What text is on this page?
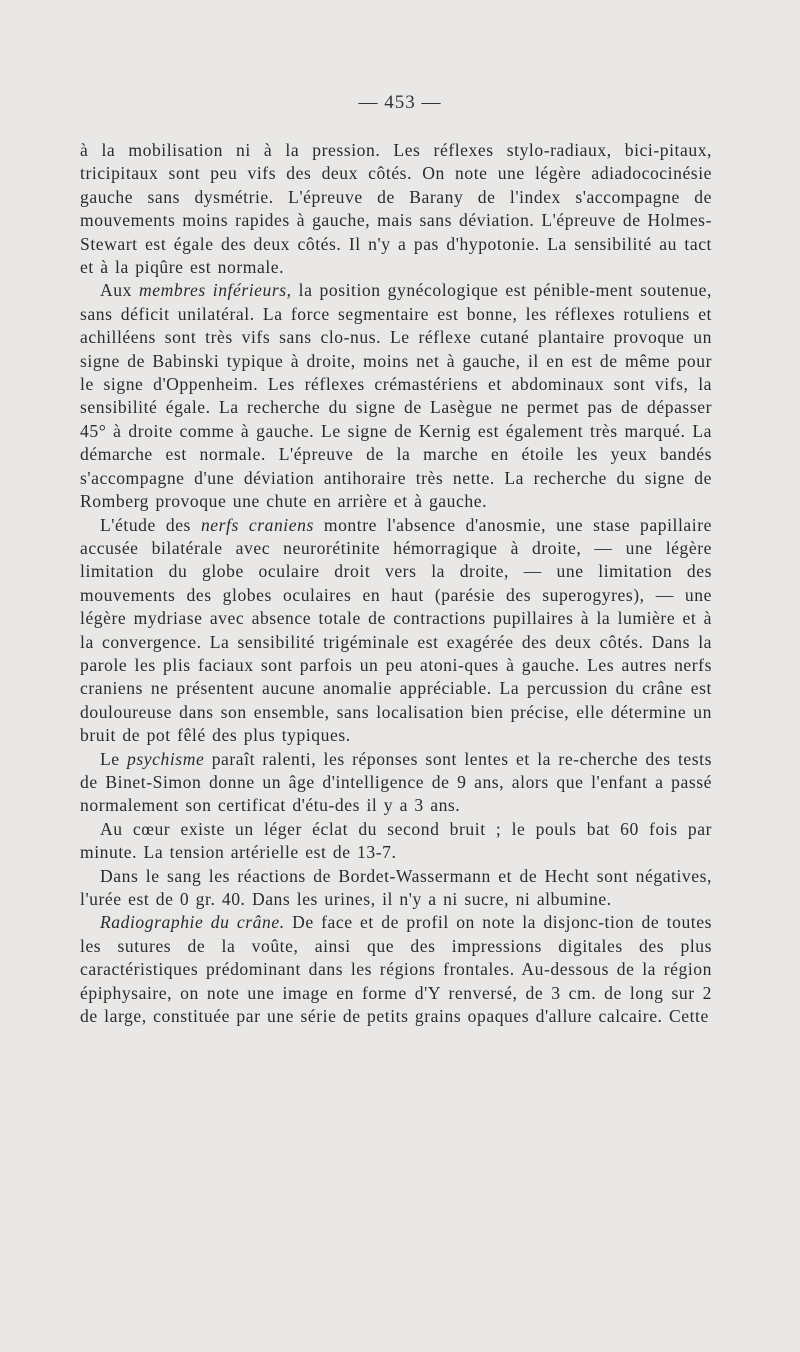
— 453 —

à la mobilisation ni à la pression. Les réflexes stylo-radiaux, bici-pitaux, tricipitaux sont peu vifs des deux côtés. On note une légère adiadococinésie gauche sans dysmétrie. L'épreuve de Barany de l'index s'accompagne de mouvements moins rapides à gauche, mais sans déviation. L'épreuve de Holmes-Stewart est égale des deux côtés. Il n'y a pas d'hypotonie. La sensibilité au tact et à la piqûre est normale.

Aux membres inférieurs, la position gynécologique est pénible-ment soutenue, sans déficit unilatéral. La force segmentaire est bonne, les réflexes rotuliens et achilléens sont très vifs sans clo-nus. Le réflexe cutané plantaire provoque un signe de Babinski typique à droite, moins net à gauche, il en est de même pour le signe d'Oppenheim. Les réflexes crémastériens et abdominaux sont vifs, la sensibilité égale. La recherche du signe de Lasègue ne permet pas de dépasser 45° à droite comme à gauche. Le signe de Kernig est également très marqué. La démarche est normale. L'épreuve de la marche en étoile les yeux bandés s'accompagne d'une déviation antihoraire très nette. La recherche du signe de Romberg provoque une chute en arrière et à gauche.

L'étude des nerfs craniens montre l'absence d'anosmie, une stase papillaire accusée bilatérale avec neurorétinite hémorragique à droite, — une légère limitation du globe oculaire droit vers la droite, — une limitation des mouvements des globes oculaires en haut (parésie des superogyres), — une légère mydriase avec absence totale de contractions pupillaires à la lumière et à la convergence. La sensibilité trigéminale est exagérée des deux côtés. Dans la parole les plis faciaux sont parfois un peu atoni-ques à gauche. Les autres nerfs craniens ne présentent aucune anomalie appréciable. La percussion du crâne est douloureuse dans son ensemble, sans localisation bien précise, elle détermine un bruit de pot fêlé des plus typiques.

Le psychisme paraît ralenti, les réponses sont lentes et la re-cherche des tests de Binet-Simon donne un âge d'intelligence de 9 ans, alors que l'enfant a passé normalement son certificat d'étu-des il y a 3 ans.

Au cœur existe un léger éclat du second bruit ; le pouls bat 60 fois par minute. La tension artérielle est de 13-7.

Dans le sang les réactions de Bordet-Wassermann et de Hecht sont négatives, l'urée est de 0 gr. 40. Dans les urines, il n'y a ni sucre, ni albumine.

Radiographie du crâne. De face et de profil on note la disjonc-tion de toutes les sutures de la voûte, ainsi que des impressions digitales des plus caractéristiques prédominant dans les régions frontales. Au-dessous de la région épiphysaire, on note une image en forme d'Y renversé, de 3 cm. de long sur 2 de large, constituée par une série de petits grains opaques d'allure calcaire. Cette
